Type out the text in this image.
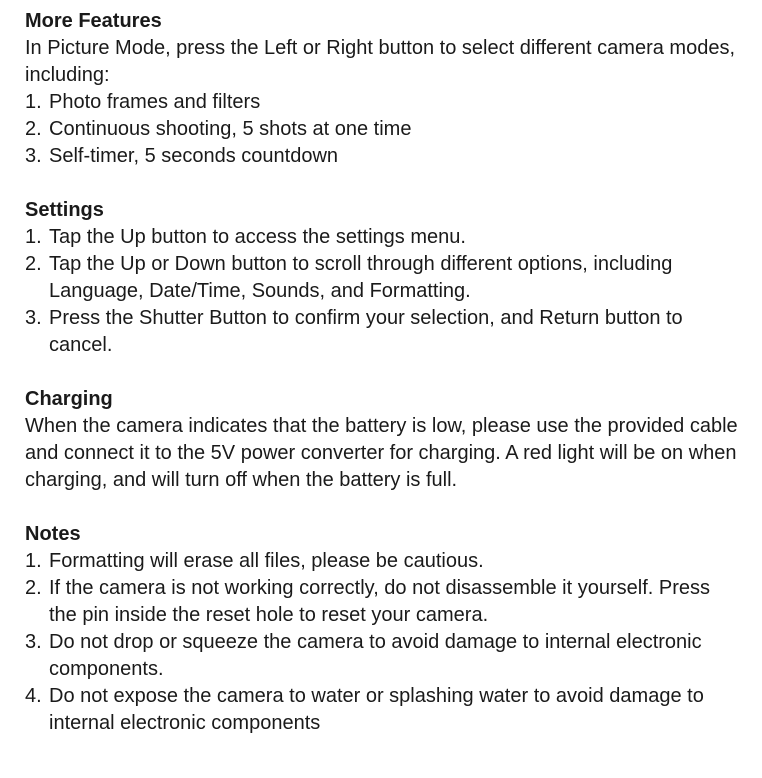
More Features

In Picture Mode, press the Left or Right button to select different camera modes, including:

1. Photo frames and filters
2. Continuous shooting, 5 shots at one time
3. Self-timer, 5 seconds countdown

Settings

1. Tap the Up button to access the settings menu.
2. Tap the Up or Down button to scroll through different options, including Language, Date/Time, Sounds, and Formatting.
3. Press the Shutter Button to confirm your selection, and Return button to cancel.

Charging

When the camera indicates that the battery is low, please use the provided cable and connect it to the 5V power converter for charging. A red light will be on when charging, and will turn off when the battery is full.

Notes

1. Formatting will erase all files, please be cautious.
2. If the camera is not working correctly, do not disassemble it yourself. Press the pin inside the reset hole to reset your camera.
3. Do not drop or squeeze the camera to avoid damage to internal electronic components.
4. Do not expose the camera to water or splashing water to avoid damage to internal electronic components
